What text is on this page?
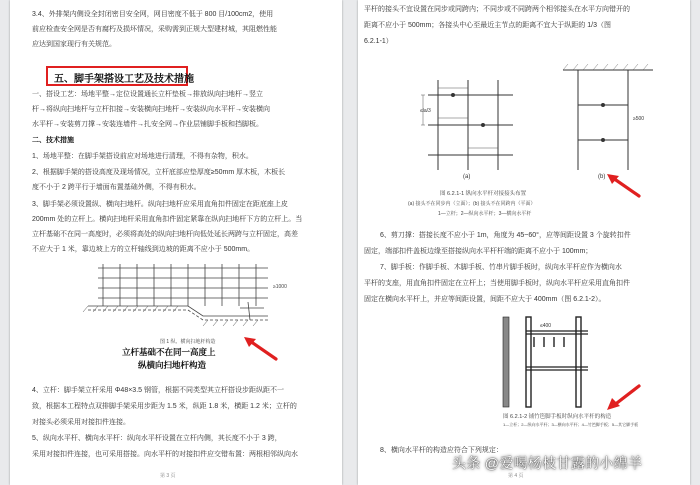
3.4、外排架内侧设全封闭密目安全网，网目密度不低于 800 目/100cm2，使用
前应检查安全网是否有腐朽及损坏情况，采购需到正规大型建材城，其阻燃性能
应达到国家现行有关规范。
五、脚手架搭设工艺及技术措施
一、搭设工艺：场地平整→定位设置通长立杆垫板→排放纵向扫地杆→竖立
杆→将纵向扫地杆与立杆扣接→安装横向扫地杆→安装纵向水平杆→安装横向
水平杆→安装剪刀撑→安装连墙件→扎安全网→作业层铺脚手板和挡脚板。
二、技术措施
1、场地平整：在脚手架搭设前应对场地进行清理，不得有杂物，积水。
2、根据脚手架的搭设高度及现场情况，立杆底部应垫厚度≥50mm 厚木板，木板长
度不小于 2 跨平行于墙面布置基础外侧，不得有积水。
3、脚手架必须设置纵、横向扫地杆。纵向扫地杆应采用直角扣件固定在距底座上皮
200mm 处的立杆上。横向扫地杆采用直角扣件固定紧靠在纵向扫地杆下方的立杆上。当
立杆基础不在同一高度时，必须将高处的纵向扫地杆向低处延长两跨与立杆固定，高差
不应大于 1 米，靠边坡上方的立杆轴线到边坡的距离不应小于 500mm。
≥1000
立杆基础不在同一高度上
纵横向扫地杆构造
图 1 纵、横向扫地杆构造
4、立杆：脚手架立杆采用 Φ48×3.5 钢管，根据不同类型其立杆搭设步距纵距不一
致，根据本工程特点双排脚手架采用步距为 1.5 米，纵距 1.8 米，横距 1.2 米；立杆的
对接头必须采用对接扣件连接。
5、纵向水平杆、横向水平杆：纵向水平杆设置在立杆内侧，其长度不小于 3 跨，
采用对接扣件连接，也可采用搭接。向水平杆的对接扣件应交错布置：两根相邻纵向水
第 3 页
平杆的接头不宜设置在同步或同跨内；不同步或不同跨两个相邻接头在水平方向错开的
距离不应小于 500mm；各接头中心至最近主节点的距离不宜大于纵距的 1/3（图
6.2.1-1）
≤la/3
(a)
≥500
(b)
图 6.2.1-1 纵向水平杆对接接头布置
(a) 接头不在同步内（立面）；(b) 接头不在同跨内（平面）
1—立杆；2—纵向水平杆；3—横向水平杆
6、剪刀撑：搭接长度不应小于 1m，角度为 45~60°，应等间距设置 3 个旋转扣件
固定，端部扣件盖板边缘至搭接纵向水平杆杆端的距离不应小于 100mm；
7、脚手板：作脚手板、木脚手板、竹串片脚手板时，纵向水平杆应作为横向水
平杆的支座，用直角扣件固定在立杆上；当使用脚手板时，纵向水平杆应采用直角扣件
固定在横向水平杆上，并应等间距设置，间距不应大于 400mm（图 6.2.1-2）。
≤400
图 6.2.1-2 铺竹笆脚手板时纵向水平杆的构造
1—立杆；2—纵向水平杆；3—横向水平杆；4—竹笆脚手板；5—其它脚手板
8、横向水平杆的构造应符合下列规定：
第 4 页
头条 @爱喝杨枝甘露的小绵羊
